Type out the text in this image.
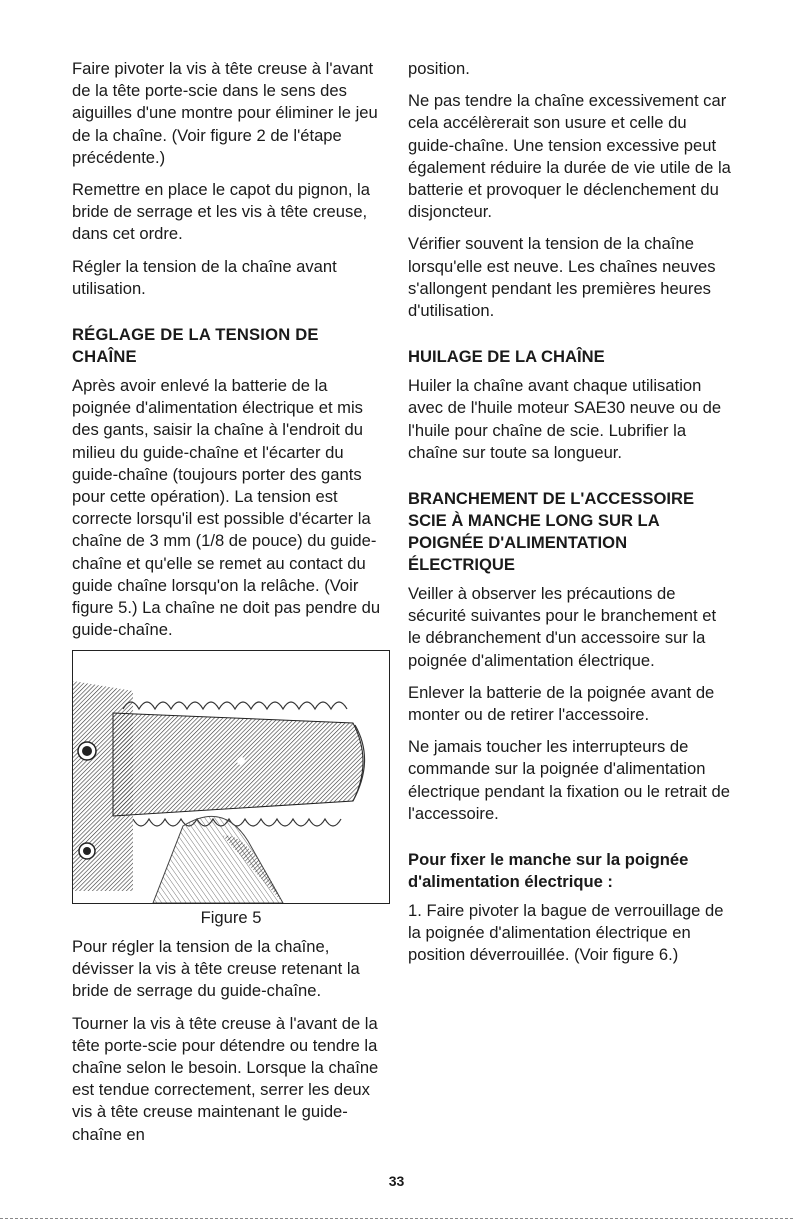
Faire pivoter la vis à tête creuse à l'avant de la tête porte-scie dans le sens des aiguilles d'une montre pour éliminer le jeu de la chaîne. (Voir figure 2 de l'étape précédente.)

Remettre en place le capot du pignon, la bride de serrage et les vis à tête creuse, dans cet ordre.

Régler la tension de la chaîne avant utilisation.

RÉGLAGE DE LA TENSION DE CHAÎNE

Après avoir enlevé la batterie de la poignée d'alimentation électrique et mis des gants, saisir la chaîne à l'endroit du milieu du guide-chaîne et l'écarter du guide-chaîne (toujours porter des gants pour cette opération). La tension est correcte lorsqu'il est possible d'écarter la chaîne de 3 mm (1/8 de pouce) du guide-chaîne et qu'elle se remet au contact du guide chaîne lorsqu'on la relâche. (Voir figure 5.) La chaîne ne doit pas pendre du guide-chaîne.

Figure 5

Pour régler la tension de la chaîne, dévisser la vis à tête creuse retenant la bride de serrage du guide-chaîne.

Tourner la vis à tête creuse à l'avant de la tête porte-scie pour détendre ou tendre la chaîne selon le besoin. Lorsque la chaîne est tendue correctement, serrer les deux vis à tête creuse maintenant le guide-chaîne en

position.

Ne pas tendre la chaîne excessivement car cela accélèrerait son usure et celle du guide-chaîne. Une tension excessive peut également réduire la durée de vie utile de la batterie et provoquer le déclenchement du disjoncteur.

Vérifier souvent la tension de la chaîne lorsqu'elle est neuve. Les chaînes neuves s'allongent pendant les premières heures d'utilisation.

HUILAGE DE LA CHAÎNE

Huiler la chaîne avant chaque utilisation avec de l'huile moteur SAE30 neuve ou de l'huile pour chaîne de scie. Lubrifier la chaîne sur toute sa longueur.

BRANCHEMENT DE L'ACCESSOIRE SCIE À MANCHE LONG SUR LA POIGNÉE D'ALIMENTATION ÉLECTRIQUE

Veiller à observer les précautions de sécurité suivantes pour le branchement et le débranchement d'un accessoire sur la poignée d'alimentation électrique.

Enlever la batterie de la poignée avant de monter ou de retirer l'accessoire.

Ne jamais toucher les interrupteurs de commande sur la poignée d'alimentation électrique pendant la fixation ou le retrait de l'accessoire.

Pour fixer le manche sur la poignée d'alimentation électrique :

1. Faire pivoter la bague de verrouillage de la poignée d'alimentation électrique en position déverrouillée. (Voir figure 6.)

33
